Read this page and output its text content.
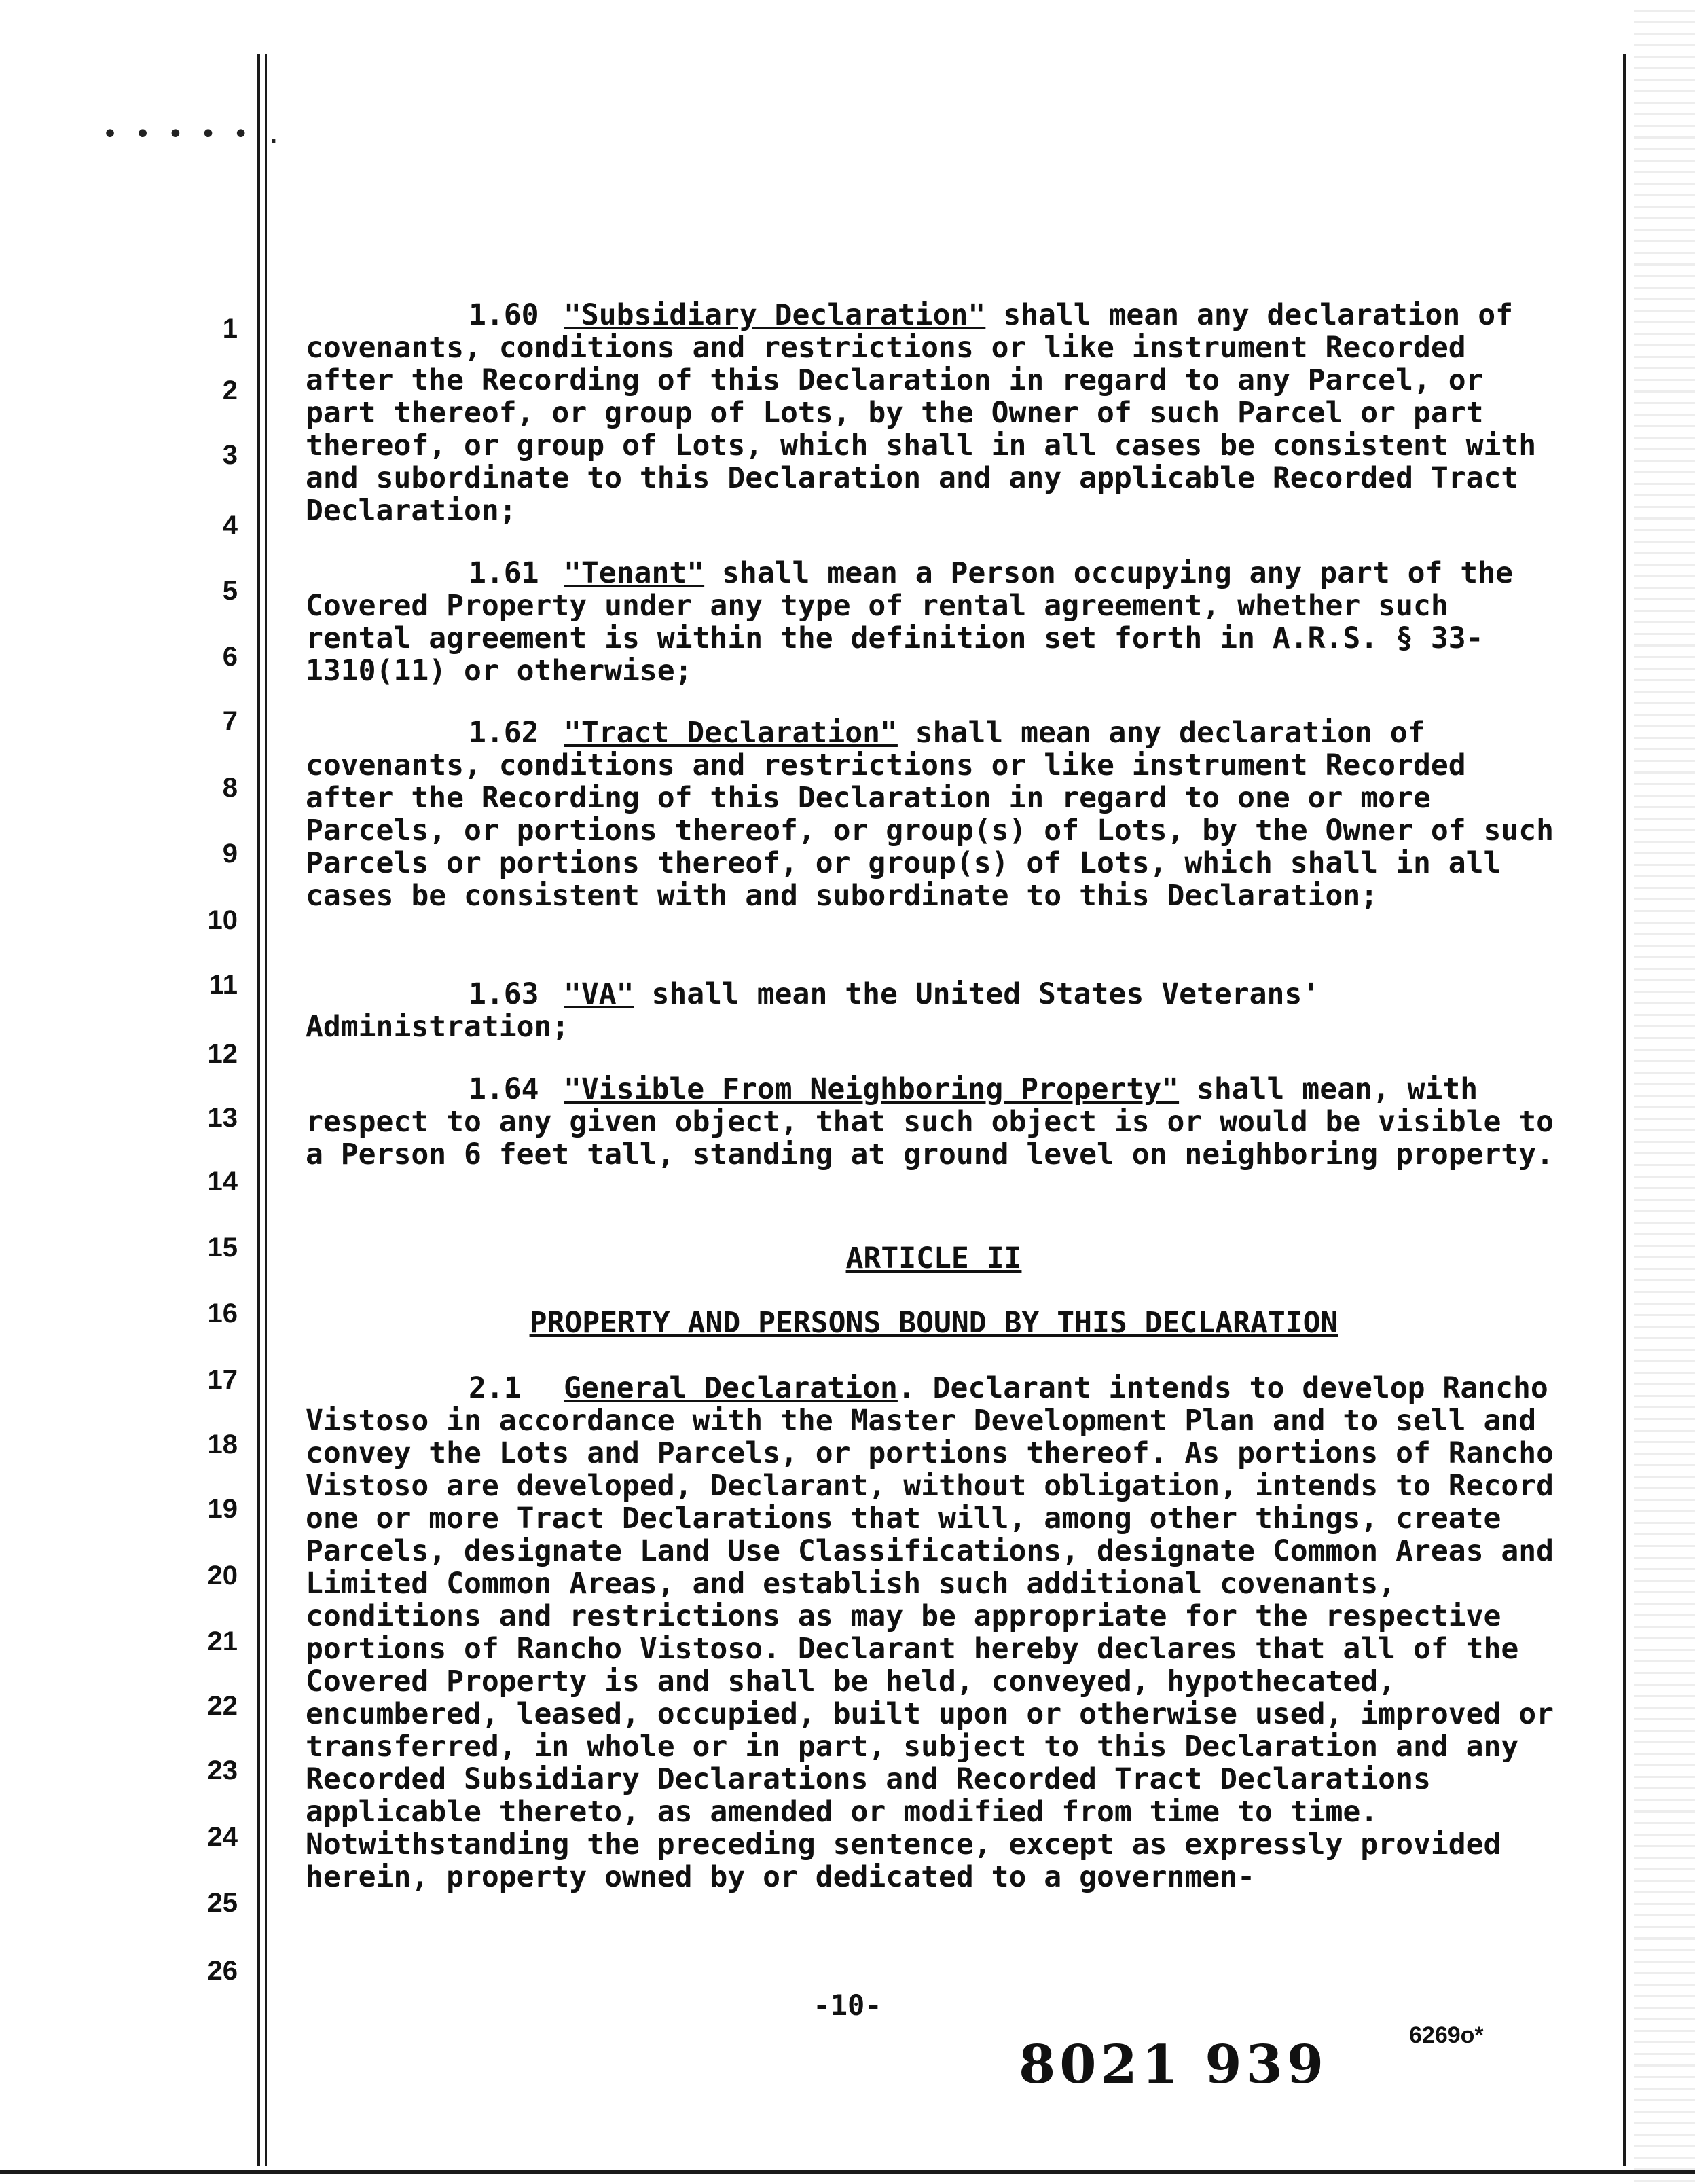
• • • • • .
1
2
3
4
5
6
7
8
9
10
11
12
13
14
15
16
17
18
19
20
21
22
23
24
25
26

1.60 "Subsidiary Declaration" shall mean any declaration of covenants, conditions and restrictions or like instrument Recorded after the Recording of this Declaration in regard to any Parcel, or part thereof, or group of Lots, by the Owner of such Parcel or part thereof, or group of Lots, which shall in all cases be consistent with and subordinate to this Declaration and any applicable Recorded Tract Declaration;

1.61 "Tenant" shall mean a Person occupying any part of the Covered Property under any type of rental agreement, whether such rental agreement is within the definition set forth in A.R.S. § 33-1310(11) or otherwise;

1.62 "Tract Declaration" shall mean any declaration of covenants, conditions and restrictions or like instrument Recorded after the Recording of this Declaration in regard to one or more Parcels, or portions thereof, or group(s) of Lots, by the Owner of such Parcels or portions thereof, or group(s) of Lots, which shall in all cases be consistent with and subordinate to this Declaration;

1.63 "VA" shall mean the United States Veterans' Administration;

1.64 "Visible From Neighboring Property" shall mean, with respect to any given object, that such object is or would be visible to a Person 6 feet tall, standing at ground level on neighboring property.

ARTICLE II
PROPERTY AND PERSONS BOUND BY THIS DECLARATION

2.1 General Declaration. Declarant intends to develop Rancho Vistoso in accordance with the Master Development Plan and to sell and convey the Lots and Parcels, or portions thereof. As portions of Rancho Vistoso are developed, Declarant, without obligation, intends to Record one or more Tract Declarations that will, among other things, create Parcels, designate Land Use Classifications, designate Common Areas and Limited Common Areas, and establish such additional covenants, conditions and restrictions as may be appropriate for the respective portions of Rancho Vistoso. Declarant hereby declares that all of the Covered Property is and shall be held, conveyed, hypothecated, encumbered, leased, occupied, built upon or otherwise used, improved or transferred, in whole or in part, subject to this Declaration and any Recorded Subsidiary Declarations and Recorded Tract Declarations applicable thereto, as amended or modified from time to time. Notwithstanding the preceding sentence, except as expressly provided herein, property owned by or dedicated to a governmen-

-10-
8021 939	6269o*
